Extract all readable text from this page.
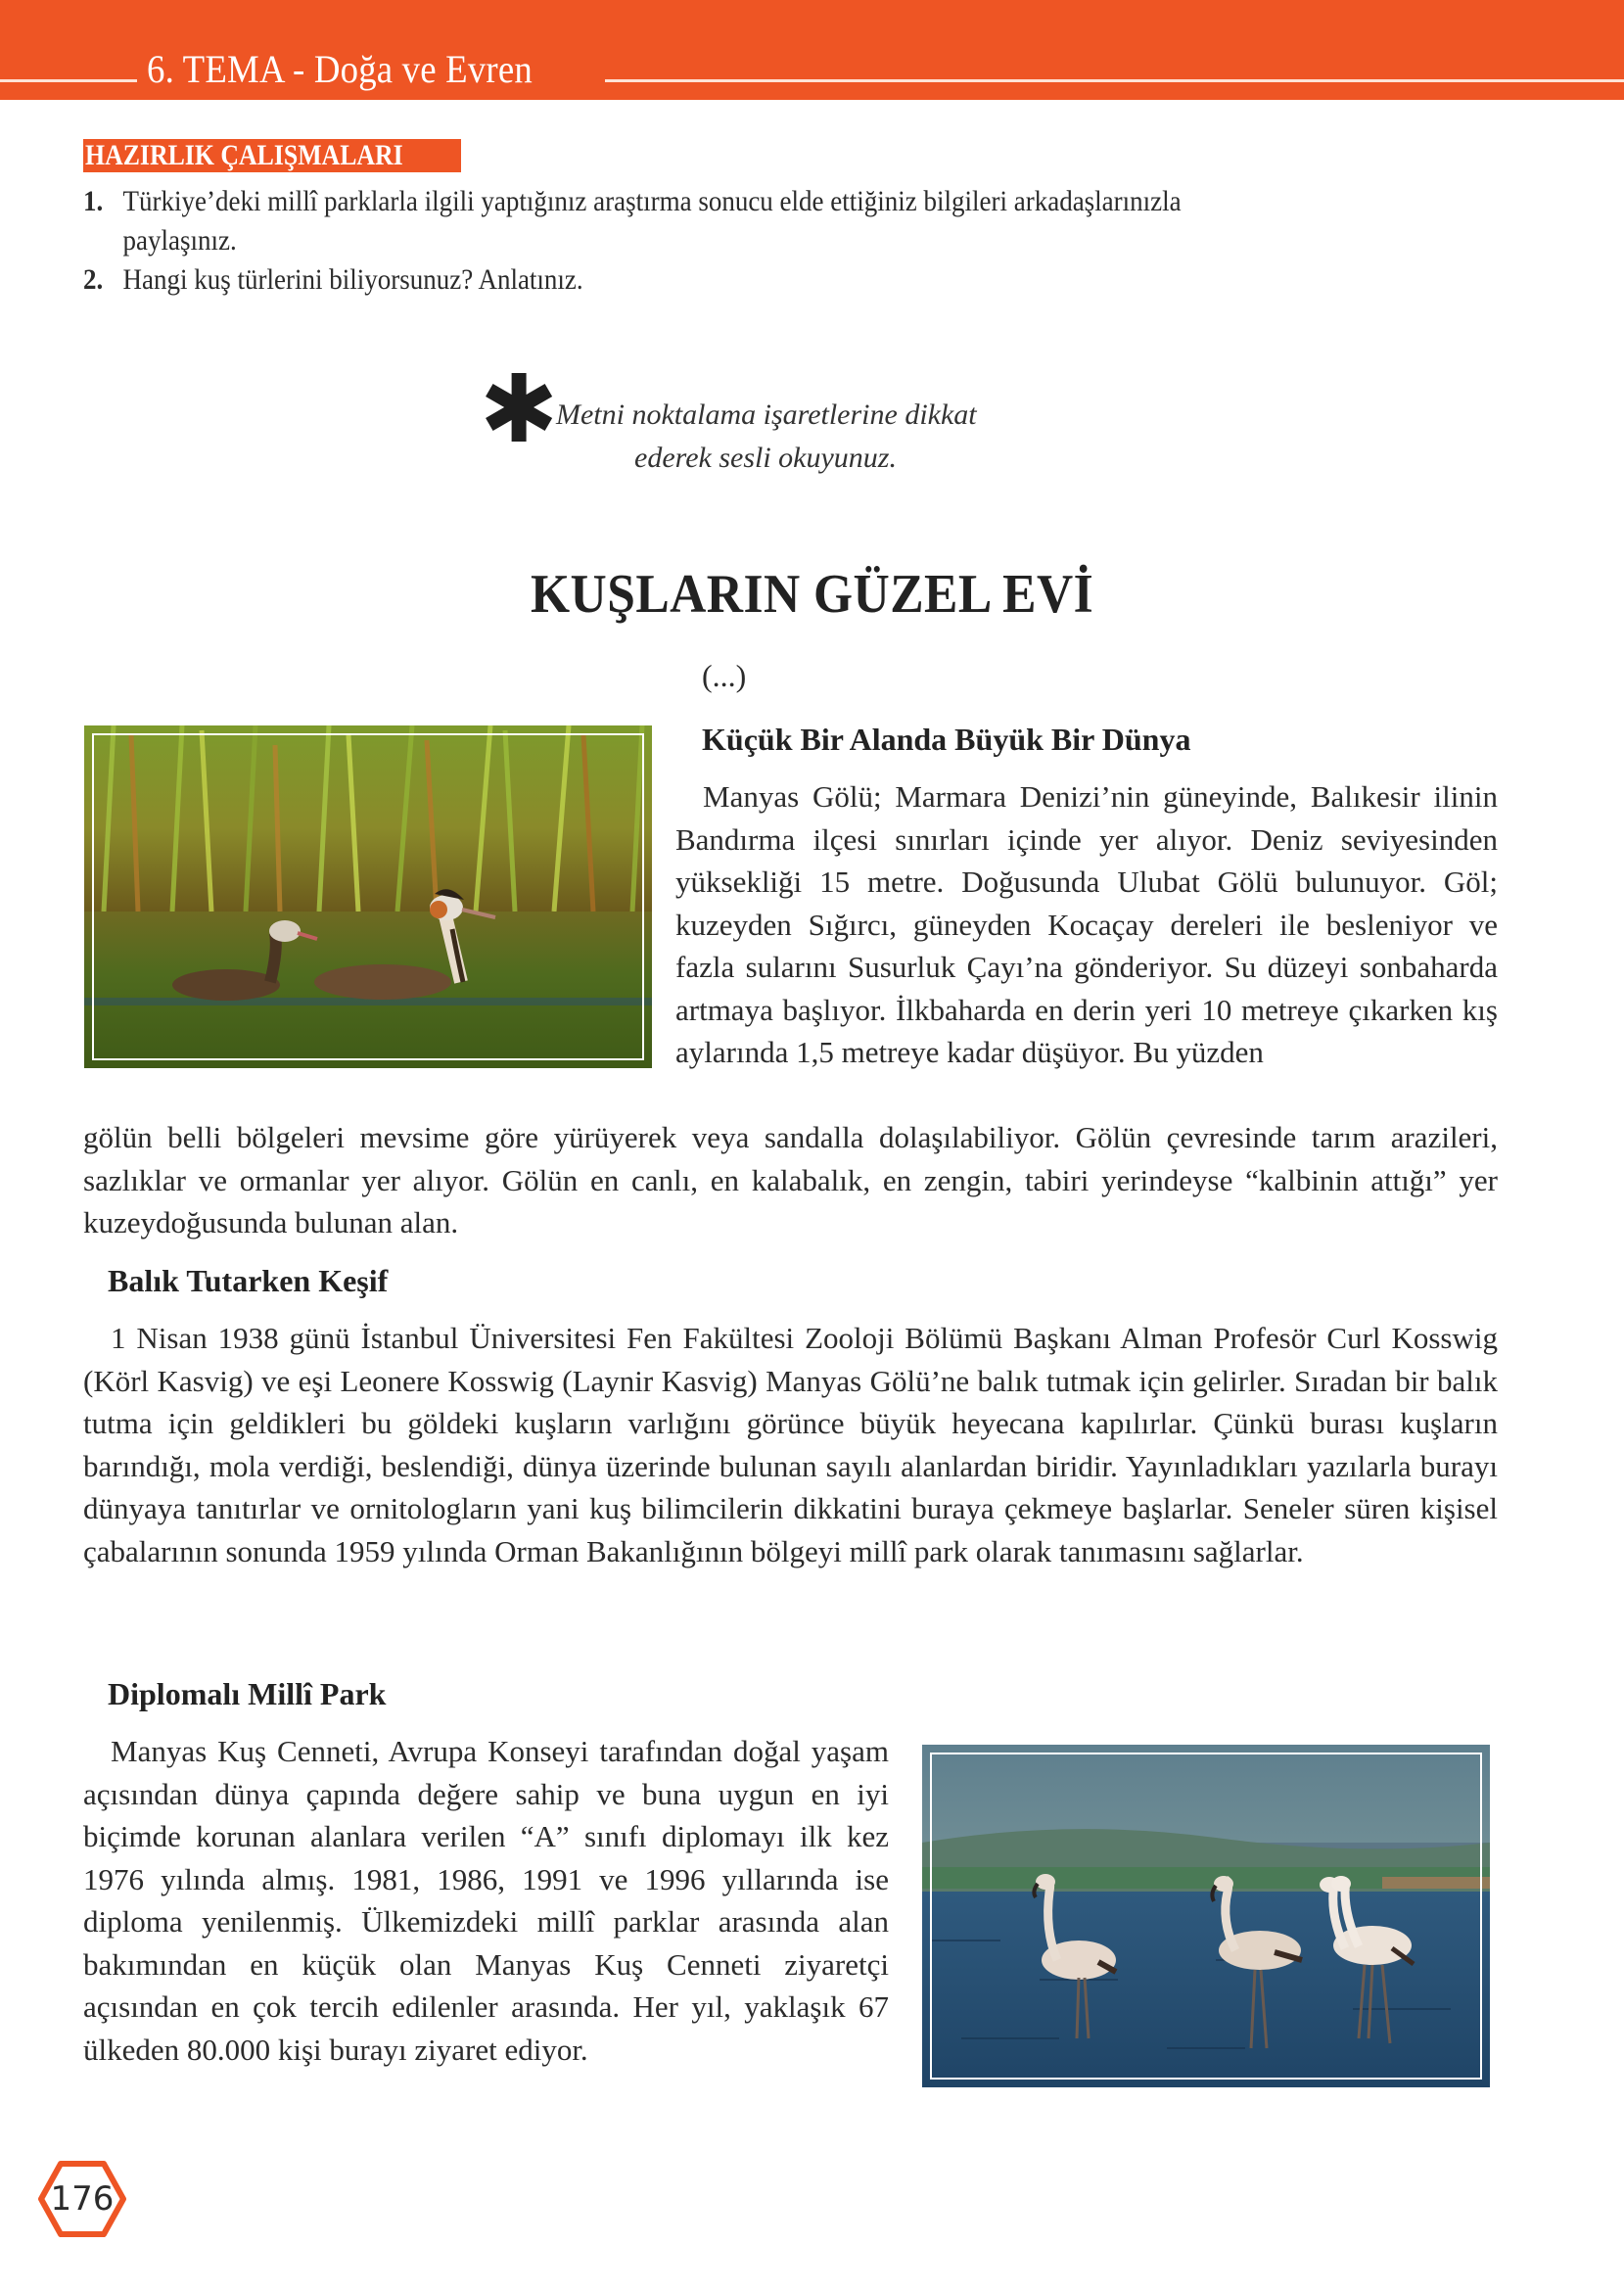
6. TEMA - Doğa ve Evren
HAZIRLIK ÇALIŞMALARI

1. Türkiye’deki millî parklarla ilgili yaptığınız araştırma sonucu elde ettiğiniz bilgileri arkadaşlarınızla
paylaşınız.

2. Hangi kuş türlerini biliyorsunuz? Anlatınız.

✱
Metni noktalama işaretlerine dikkat
ederek sesli okuyunuz.
KUŞLARIN GÜZEL EVİ
(...)
Küçük Bir Alanda Büyük Bir Dünya
Manyas Gölü; Marmara Denizi’nin güneyinde, Balıkesir ilinin Bandırma ilçesi sınırları içinde yer alıyor. Deniz seviyesinden yüksekliği 15 metre. Doğusunda Ulubat Gölü bulunuyor. Göl; kuzeyden Sığırcı, güneyden Kocaçay dereleri ile besleniyor ve fazla sularını Susurluk Çayı’na gönderiyor. Su düzeyi sonbaharda artmaya başlıyor. İlkbaharda en derin yeri 10 metreye çıkarken kış aylarında 1,5 metreye kadar düşüyor. Bu yüzden
gölün belli bölgeleri mevsime göre yürüyerek veya sandalla dolaşılabiliyor. Gölün çevresinde tarım arazileri, sazlıklar ve ormanlar yer alıyor. Gölün en canlı, en kalabalık, en zengin, tabiri yerindeyse “kalbinin attığı” yer kuzeydoğusunda bulunan alan.
Balık Tutarken Keşif
1 Nisan 1938 günü İstanbul Üniversitesi Fen Fakültesi Zooloji Bölümü Başkanı Alman Profesör Curl Kosswig (Körl Kasvig) ve eşi Leonere Kosswig (Laynir Kasvig) Manyas Gölü’ne balık tutmak için gelirler. Sıradan bir balık tutma için geldikleri bu göldeki kuşların varlığını görünce büyük heyecana kapılırlar. Çünkü burası kuşların barındığı, mola verdiği, beslendiği, dünya üzerinde bulunan sayılı alanlardan biridir. Yayınladıkları yazılarla burayı dünyaya tanıtırlar ve ornitologların yani kuş bilimcilerin dikkatini buraya çekmeye başlarlar. Seneler süren kişisel çabalarının sonunda 1959 yılında Orman Bakanlığının bölgeyi millî park olarak tanımasını sağlarlar.
Diplomalı Millî Park
Manyas Kuş Cenneti, Avrupa Konseyi tarafından doğal yaşam açısından dünya çapında değere sahip ve buna uygun en iyi biçimde korunan alanlara verilen “A” sınıfı diplomayı ilk kez 1976 yılında almış. 1981, 1986, 1991 ve 1996 yıllarında ise diploma yenilenmiş. Ülkemizdeki millî parklar arasında alan bakımından en küçük olan Manyas Kuş Cenneti ziyaretçi açısından en çok tercih edilenler arasında. Her yıl, yaklaşık 67 ülkeden 80.000 kişi burayı ziyaret ediyor.
176
